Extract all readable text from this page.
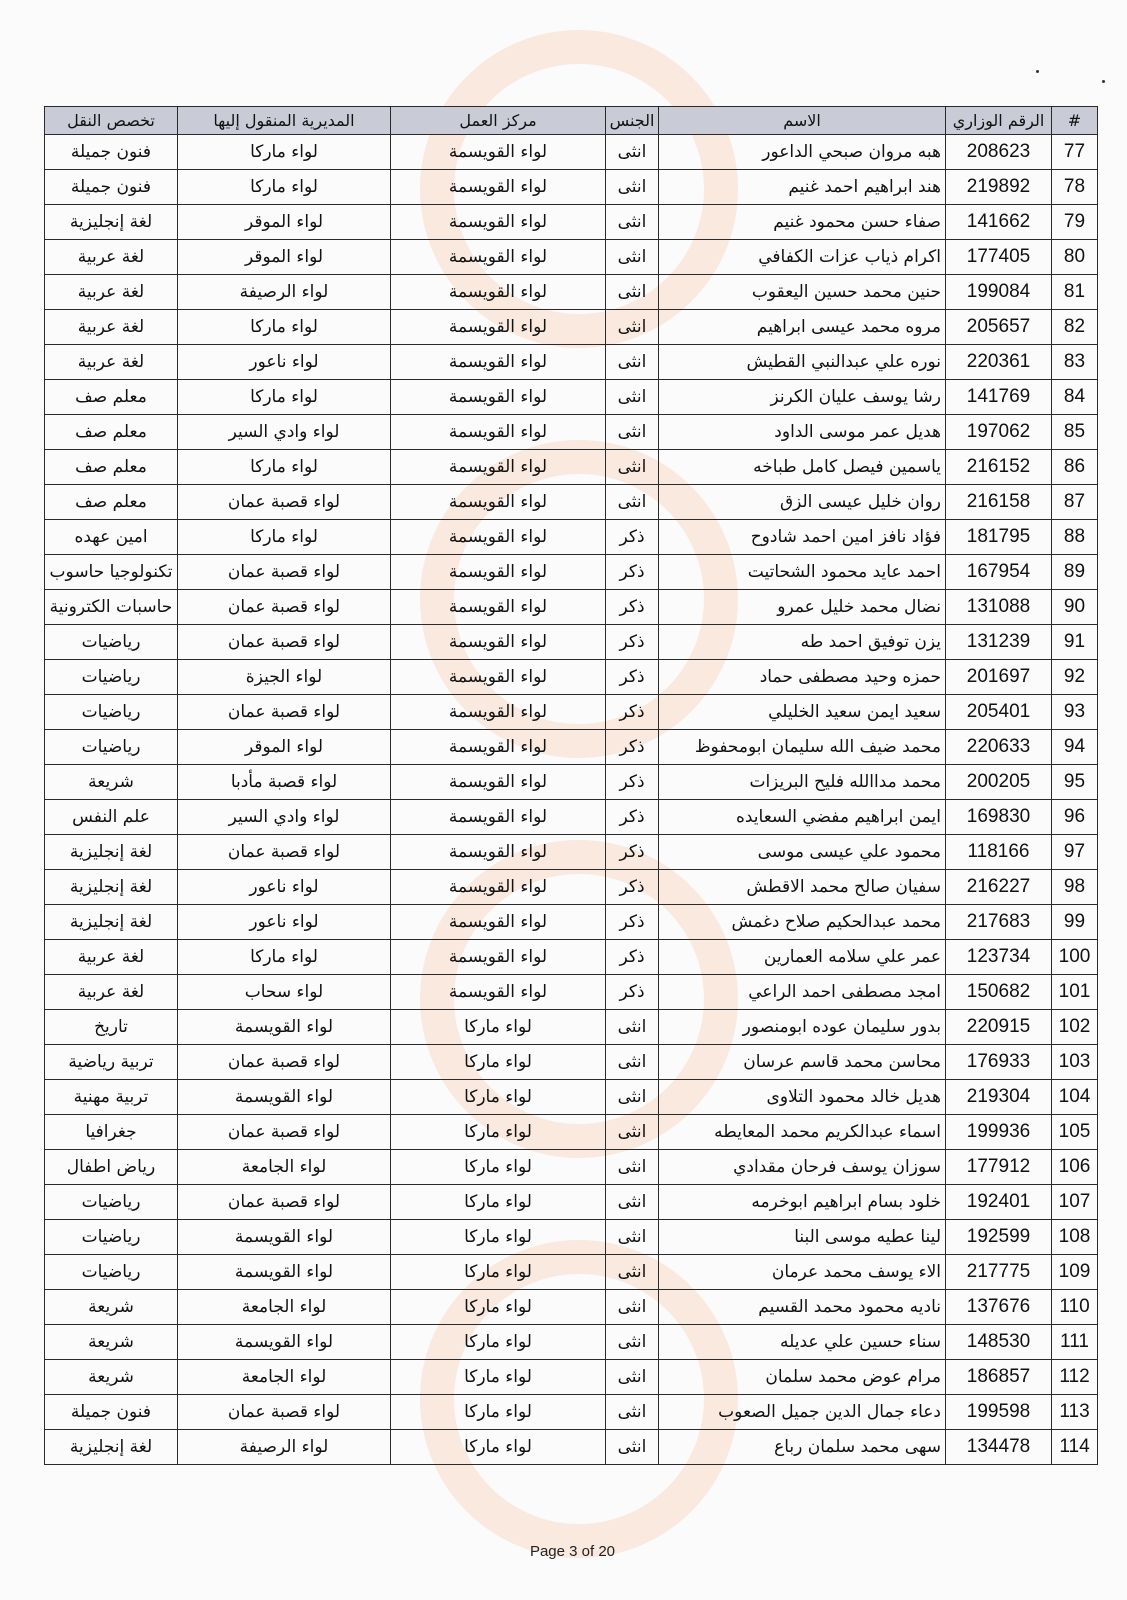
#	الرقم الوزاري	الاسم	الجنس	مركز العمل	المديرية المنقول إليها	تخصص النقل
77	208623	هبه مروان صبحي الداعور	انثى	لواء القويسمة	لواء ماركا	فنون جميلة
78	219892	هند ابراهيم احمد غنيم	انثى	لواء القويسمة	لواء ماركا	فنون جميلة
79	141662	صفاء حسن محمود غنيم	انثى	لواء القويسمة	لواء الموقر	لغة إنجليزية
80	177405	اكرام ذياب عزات الكفافي	انثى	لواء القويسمة	لواء الموقر	لغة عربية
81	199084	حنين محمد حسين اليعقوب	انثى	لواء القويسمة	لواء الرصيفة	لغة عربية
82	205657	مروه محمد عيسى ابراهيم	انثى	لواء القويسمة	لواء ماركا	لغة عربية
83	220361	نوره علي عبدالنبي القطيش	انثى	لواء القويسمة	لواء ناعور	لغة عربية
84	141769	رشا يوسف عليان الكرنز	انثى	لواء القويسمة	لواء ماركا	معلم صف
85	197062	هديل عمر موسى الداود	انثى	لواء القويسمة	لواء وادي السير	معلم صف
86	216152	ياسمين فيصل كامل طباخه	انثى	لواء القويسمة	لواء ماركا	معلم صف
87	216158	روان خليل عيسى الزق	انثى	لواء القويسمة	لواء قصبة عمان	معلم صف
88	181795	فؤاد نافز امين احمد شادوح	ذكر	لواء القويسمة	لواء ماركا	امين عهده
89	167954	احمد عايد محمود الشحاتيت	ذكر	لواء القويسمة	لواء قصبة عمان	تكنولوجيا حاسوب
90	131088	نضال محمد خليل عمرو	ذكر	لواء القويسمة	لواء قصبة عمان	حاسبات الكترونية
91	131239	يزن توفيق احمد طه	ذكر	لواء القويسمة	لواء قصبة عمان	رياضيات
92	201697	حمزه وحيد مصطفى حماد	ذكر	لواء القويسمة	لواء الجيزة	رياضيات
93	205401	سعيد ايمن سعيد الخليلي	ذكر	لواء القويسمة	لواء قصبة عمان	رياضيات
94	220633	محمد ضيف الله سليمان ابومحفوظ	ذكر	لواء القويسمة	لواء الموقر	رياضيات
95	200205	محمد مداالله فليح البريزات	ذكر	لواء القويسمة	لواء قصبة مأدبا	شريعة
96	169830	ايمن ابراهيم مفضي السعايده	ذكر	لواء القويسمة	لواء وادي السير	علم النفس
97	118166	محمود علي عيسى موسى	ذكر	لواء القويسمة	لواء قصبة عمان	لغة إنجليزية
98	216227	سفيان صالح محمد الاقطش	ذكر	لواء القويسمة	لواء ناعور	لغة إنجليزية
99	217683	محمد عبدالحكيم صلاح دغمش	ذكر	لواء القويسمة	لواء ناعور	لغة إنجليزية
100	123734	عمر علي سلامه العمارين	ذكر	لواء القويسمة	لواء ماركا	لغة عربية
101	150682	امجد مصطفى احمد الراعي	ذكر	لواء القويسمة	لواء سحاب	لغة عربية
102	220915	بدور سليمان عوده ابومنصور	انثى	لواء ماركا	لواء القويسمة	تاريخ
103	176933	محاسن محمد قاسم عرسان	انثى	لواء ماركا	لواء قصبة عمان	تربية رياضية
104	219304	هديل خالد محمود التلاوى	انثى	لواء ماركا	لواء القويسمة	تربية مهنية
105	199936	اسماء عبدالكريم محمد المعايطه	انثى	لواء ماركا	لواء قصبة عمان	جغرافيا
106	177912	سوزان يوسف فرحان مقدادي	انثى	لواء ماركا	لواء الجامعة	رياض اطفال
107	192401	خلود بسام ابراهيم ابوخرمه	انثى	لواء ماركا	لواء قصبة عمان	رياضيات
108	192599	لينا عطيه موسى البنا	انثى	لواء ماركا	لواء القويسمة	رياضيات
109	217775	الاء يوسف محمد عرمان	انثى	لواء ماركا	لواء القويسمة	رياضيات
110	137676	ناديه محمود محمد القسيم	انثى	لواء ماركا	لواء الجامعة	شريعة
111	148530	سناء حسين علي عديله	انثى	لواء ماركا	لواء القويسمة	شريعة
112	186857	مرام عوض محمد سلمان	انثى	لواء ماركا	لواء الجامعة	شريعة
113	199598	دعاء جمال الدين جميل الصعوب	انثى	لواء ماركا	لواء قصبة عمان	فنون جميلة
114	134478	سهى محمد سلمان رباع	انثى	لواء ماركا	لواء الرصيفة	لغة إنجليزية
Page 3 of 20
